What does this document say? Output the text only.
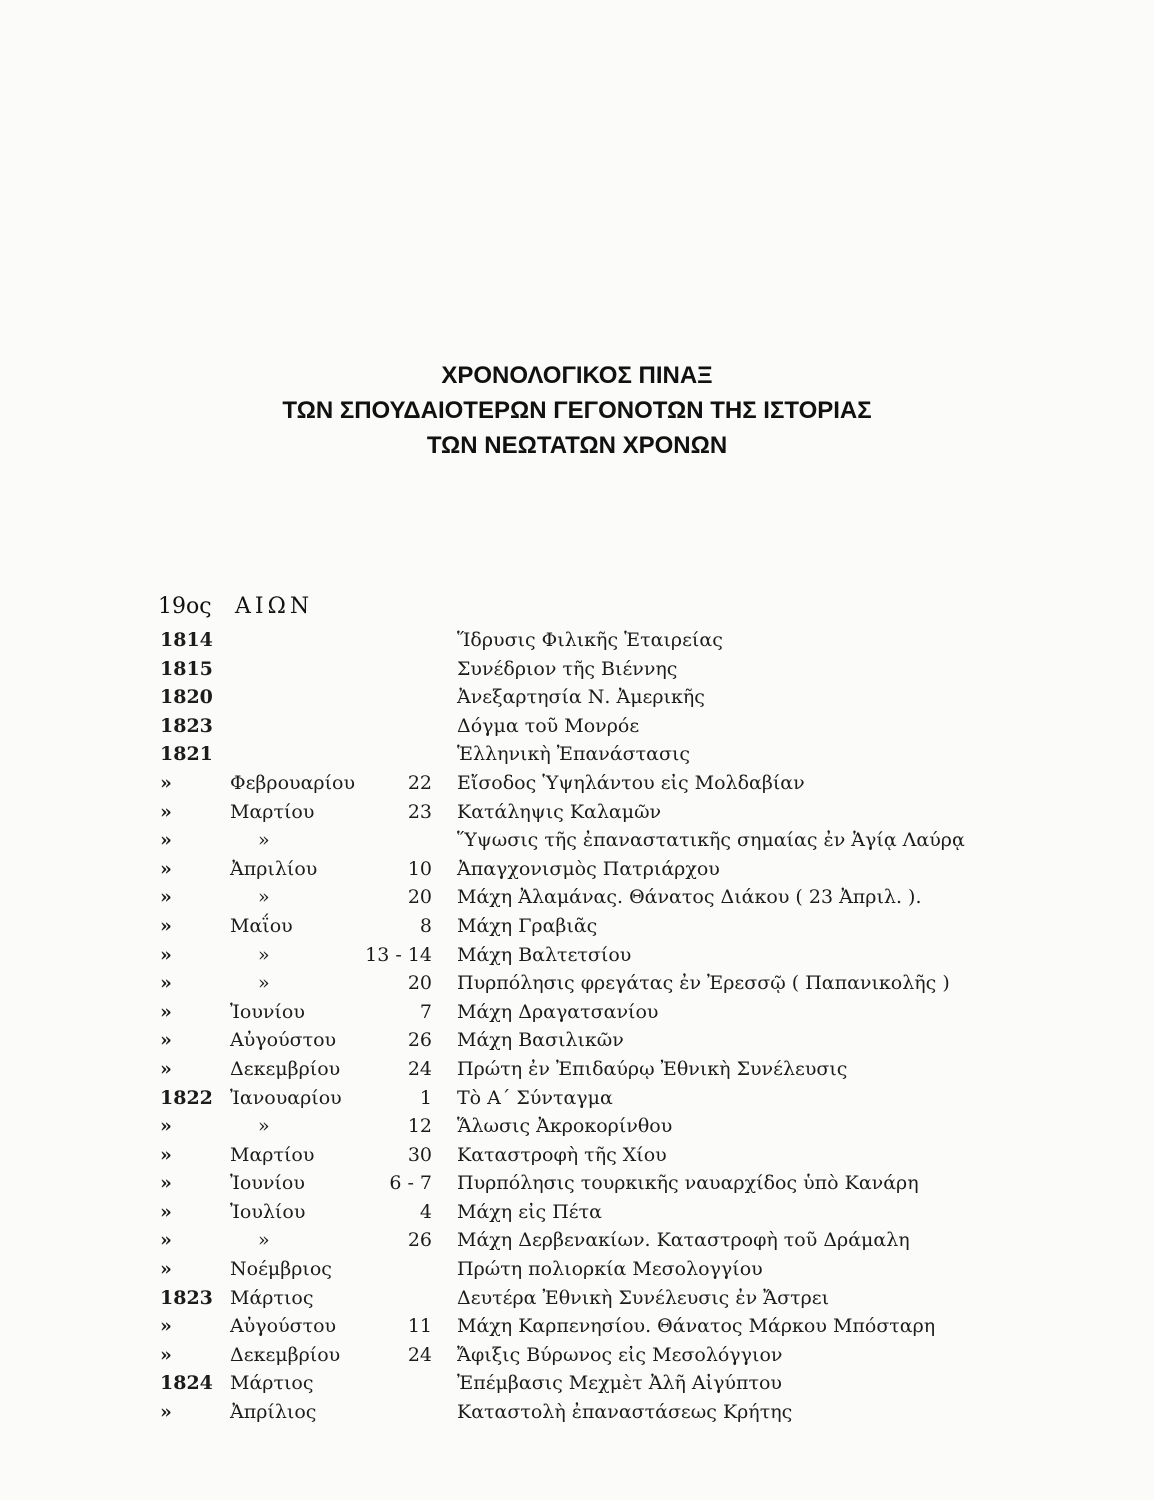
ΧΡΟΝΟΛΟΓΙΚΟΣ ΠΙΝΑΞ
ΤΩΝ ΣΠΟΥΔΑΙΟΤΕΡΩΝ ΓΕΓΟΝΟΤΩΝ ΤΗΣ ΙΣΤΟΡΙΑΣ
ΤΩΝ ΝΕΩΤΑΤΩΝ ΧΡΟΝΩΝ
19ος ΑΙΩΝ
1814	Ἵδρυσις Φιλικῆς Ἑταιρείας
1815	Συνέδριον τῆς Βιέννης
1820	Ἀνεξαρτησία Ν. Ἀμερικῆς
1823	Δόγμα τοῦ Μονρόε
1821	Ἑλληνικὴ Ἐπανάστασις
»	Φεβρουαρίου	22 Εἴσοδος Ὑψηλάντου εἰς Μολδαβίαν
»	Μαρτίου	23 Κατάληψις Καλαμῶν
»	»	Ὕψωσις τῆς ἐπαναστατικῆς σημαίας ἐν Ἁγίᾳ Λαύρᾳ
»	Ἀπριλίου	10 Ἀπαγχονισμὸς Πατριάρχου
»	»	20 Μάχη Ἀλαμάνας. Θάνατος Διάκου ( 23 Ἀπριλ. ).
»	Μαΐου	8 Μάχη Γραβιᾶς
»	»	13 - 14 Μάχη Βαλτετσίου
»	»	20 Πυρπόλησις φρεγάτας ἐν Ἐρεσσῷ ( Παπανικολῆς )
»	Ἰουνίου	7 Μάχη Δραγατσανίου
»	Αὐγούστου	26 Μάχη Βασιλικῶν
»	Δεκεμβρίου	24 Πρώτη ἐν Ἐπιδαύρῳ Ἐθνικὴ Συνέλευσις
1822 Ἰανουαρίου	1 Τὸ Α΄ Σύνταγμα
»	»	12 Ἅλωσις Ἀκροκορίνθου
»	Μαρτίου	30 Καταστροφὴ τῆς Χίου
»	Ἰουνίου	6 - 7 Πυρπόλησις τουρκικῆς ναυαρχίδος ὑπὸ Κανάρη
»	Ἰουλίου	4 Μάχη εἰς Πέτα
»	»	26 Μάχη Δερβενακίων. Καταστροφὴ τοῦ Δράμαλη
»	Νοέμβριος	Πρώτη πολιορκία Μεσολογγίου
1823 Μάρτιος	Δευτέρα Ἐθνικὴ Συνέλευσις ἐν Ἄστρει
»	Αὐγούστου	11 Μάχη Καρπενησίου. Θάνατος Μάρκου Μπόσταρη
»	Δεκεμβρίου	24 Ἄφιξις Βύρωνος εἰς Μεσολόγγιον
1824 Μάρτιος	Ἐπέμβασις Μεχμὲτ Ἀλῆ Αἰγύπτου
»	Ἀπρίλιος	Καταστολὴ ἐπαναστάσεως Κρήτης
